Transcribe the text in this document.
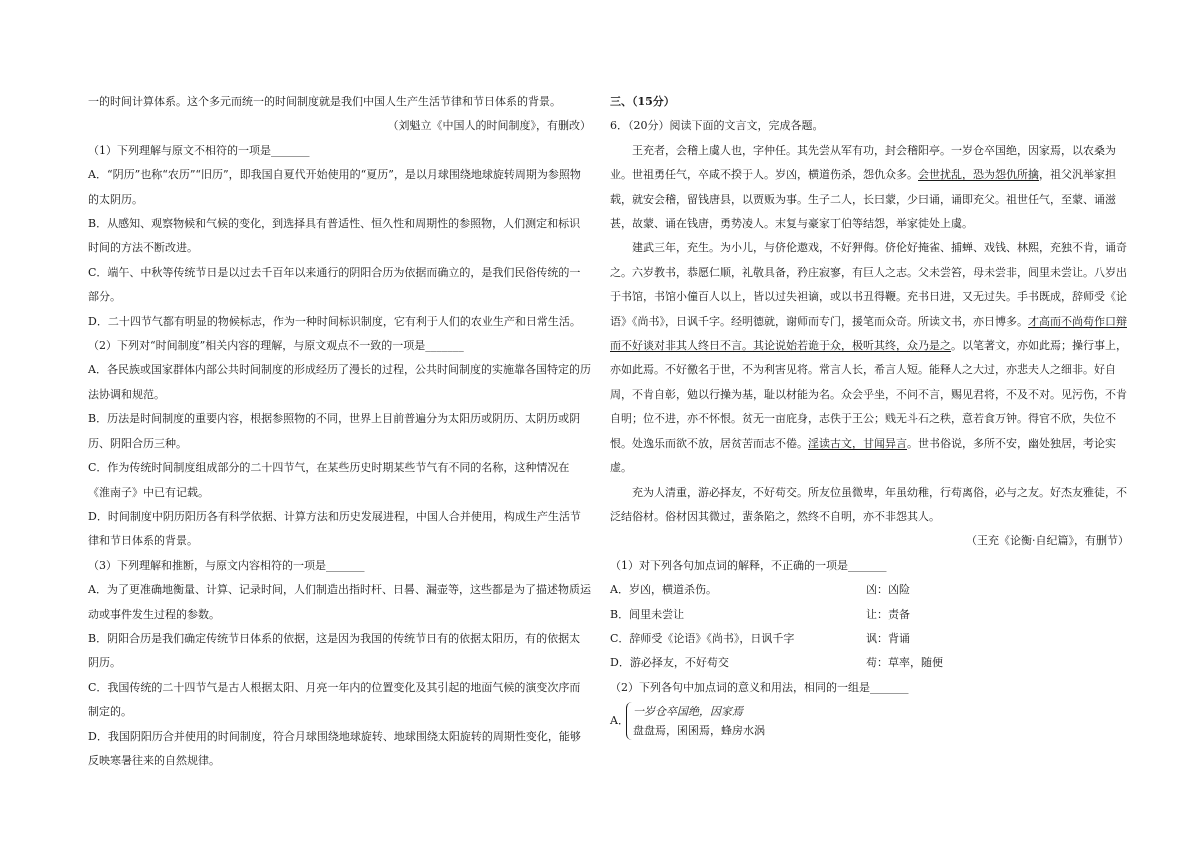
一的时间计算体系。这个多元而统一的时间制度就是我们中国人生产生活节律和节日体系的背景。

（刘魁立《中国人的时间制度》，有删改）

（1）下列理解与原文不相符的一项是_______

A．“阴历”也称“农历”“旧历”，即我国自夏代开始使用的“夏历”，是以月球围绕地球旋转周期为参照物的太阴历。

B．从感知、观察物候和气候的变化，到选择具有普适性、恒久性和周期性的参照物，人们测定和标识时间的方法不断改进。

C．端午、中秋等传统节日是以过去千百年以来通行的阴阳合历为依据而确立的，是我们民俗传统的一部分。

D．二十四节气都有明显的物候标志，作为一种时间标识制度，它有利于人们的农业生产和日常生活。

（2）下列对“时间制度”相关内容的理解，与原文观点不一致的一项是_______

A．各民族或国家群体内部公共时间制度的形成经历了漫长的过程，公共时间制度的实施靠各国特定的历法协调和规范。

B．历法是时间制度的重要内容，根据参照物的不同，世界上目前普遍分为太阳历或阴历、太阴历或阴历、阴阳合历三种。

C．作为传统时间制度组成部分的二十四节气，在某些历史时期某些节气有不同的名称，这种情况在《淮南子》中已有记载。

D．时间制度中阴历阳历各有科学依据、计算方法和历史发展进程，中国人合并使用，构成生产生活节律和节日体系的背景。

（3）下列理解和推断，与原文内容相符的一项是_______

A．为了更准确地衡量、计算、记录时间，人们制造出指时杆、日晷、漏壶等，这些都是为了描述物质运动或事件发生过程的参数。

B．阴阳合历是我们确定传统节日体系的依据，这是因为我国的传统节日有的依据太阳历，有的依据太阴历。

C．我国传统的二十四节气是古人根据太阳、月亮一年内的位置变化及其引起的地面气候的演变次序而制定的。

D．我国阴阳历合并使用的时间制度，符合月球围绕地球旋转、地球围绕太阳旋转的周期性变化，能够反映寒暑往来的自然规律。

三、（15分）

6．（20分）阅读下面的文言文，完成各题。

王充者，会稽上虞人也，字仲任。其先尝从军有功，封会稽阳亭。一岁仓卒国绝，因家焉，以农桑为业。世祖勇任气，卒咸不揆于人。岁凶，横道伤杀，怨仇众多。会世扰乱，恐为怨仇所擒，祖父汎举家担载，就安会稽，留钱唐县，以贾贩为事。生子二人，长曰蒙，少曰诵，诵即充父。祖世任气，至蒙、诵滋甚，故蒙、诵在钱唐，勇势凌人。末复与豪家丁伯等结怨，举家徙处上虞。

建武三年，充生。为小儿，与侪伦遨戏，不好狎侮。侪伦好掩雀、捕蝉、戏钱、林熙，充独不肯，诵奇之。六岁教书，恭愿仁顺，礼敬具备，矜庄寂寥，有巨人之志。父未尝笞，母未尝非，闾里未尝让。八岁出于书馆，书馆小僮百人以上，皆以过失袒谪，或以书丑得鞭。充书日进，又无过失。手书既成，辞师受《论语》《尚书》，日讽千字。经明德就，谢师而专门，援笔而众奇。所读文书，亦日博多。才高而不尚苟作口辩而不好谈对非其人终日不言。其论说始若诡于众，极听其终，众乃是之。以笔著文，亦如此焉；操行事上，亦如此焉。不好徼名于世，不为利害见将。常言人长，希言人短。能释人之大过，亦悲夫人之细非。好自周，不肯自彰，勉以行操为基，耻以材能为名。众会乎坐，不问不言，赐见君将，不及不对。见污伤，不肯自明；位不进，亦不怀恨。贫无一亩庇身，志佚于王公；贱无斗石之秩，意若食万钟。得官不欣，失位不恨。处逸乐而欲不放，居贫苦而志不倦。淫读古文，甘闻异言。世书俗说，多所不安，幽处独居，考论实虚。

充为人清重，游必择友，不好苟交。所友位虽微卑，年虽幼稚，行苟离俗，必与之友。好杰友雅徒，不泛结俗材。俗材因其微过，蜚条陷之，然终不自明，亦不非怨其人。

（王充《论衡·自纪篇》，有删节）

（1）对下列各句加点词的解释，不正确的一项是_______

A．岁凶，横道杀伤。	凶：凶险
B．闾里未尝让	让：责备
C．辞师受《论语》《尚书》，日讽千字	讽：背诵
D．游必择友，不好苟交	苟：草率，随便

（2）下列各句中加点词的意义和用法，相同的一组是_______

A．
一岁仓卒国绝，因家焉
盘盘焉，囷囷焉，蜂房水涡
